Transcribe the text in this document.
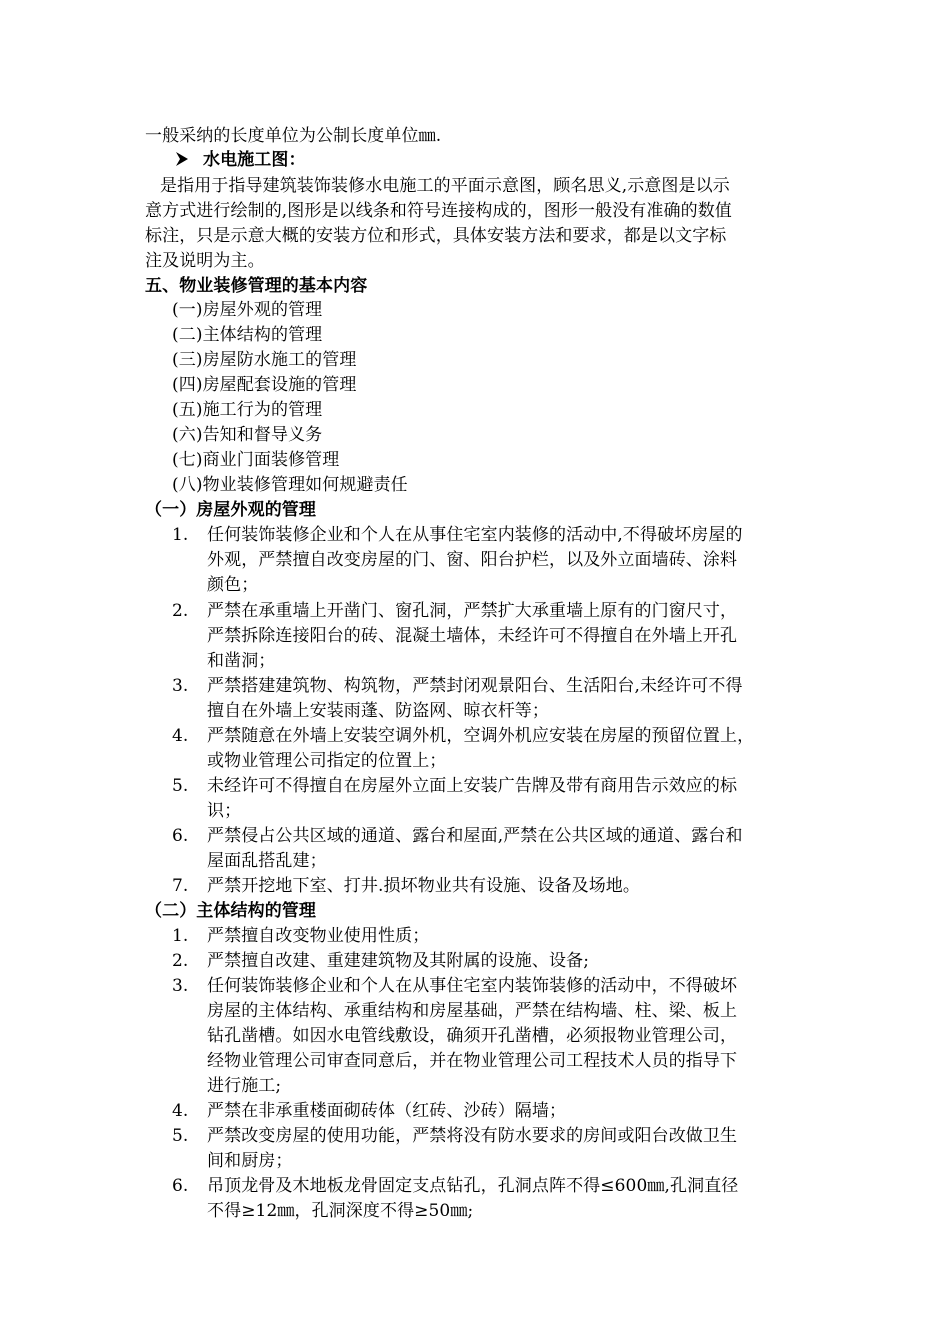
一般采纳的长度单位为公制长度单位㎜.
水电施工图：
是指用于指导建筑装饰装修水电施工的平面示意图，顾名思义,示意图是以示
意方式进行绘制的,图形是以线条和符号连接构成的，图形一般没有准确的数值
标注，只是示意大概的安装方位和形式，具体安装方法和要求，都是以文字标
注及说明为主。
五、物业装修管理的基本内容
(一)房屋外观的管理
(二)主体结构的管理
(三)房屋防水施工的管理
(四)房屋配套设施的管理
(五)施工行为的管理
(六)告知和督导义务
(七)商业门面装修管理
(八)物业装修管理如何规避责任
（一）房屋外观的管理
1. 任何装饰装修企业和个人在从事住宅室内装修的活动中,不得破坏房屋的
外观，严禁擅自改变房屋的门、窗、阳台护栏，以及外立面墙砖、涂料
颜色；
2. 严禁在承重墙上开凿门、窗孔洞，严禁扩大承重墙上原有的门窗尺寸，
严禁拆除连接阳台的砖、混凝土墙体，未经许可不得擅自在外墙上开孔
和凿洞；
3. 严禁搭建建筑物、构筑物，严禁封闭观景阳台、生活阳台,未经许可不得
擅自在外墙上安装雨蓬、防盗网、晾衣杆等；
4. 严禁随意在外墙上安装空调外机，空调外机应安装在房屋的预留位置上，
或物业管理公司指定的位置上；
5. 未经许可不得擅自在房屋外立面上安装广告牌及带有商用告示效应的标
识；
6. 严禁侵占公共区域的通道、露台和屋面,严禁在公共区域的通道、露台和
屋面乱搭乱建；
7. 严禁开挖地下室、打井.损坏物业共有设施、设备及场地。
（二）主体结构的管理
1. 严禁擅自改变物业使用性质；
2. 严禁擅自改建、重建建筑物及其附属的设施、设备;
3. 任何装饰装修企业和个人在从事住宅室内装饰装修的活动中，不得破坏
房屋的主体结构、承重结构和房屋基础，严禁在结构墙、柱、梁、板上
钻孔凿槽。如因水电管线敷设，确须开孔凿槽，必须报物业管理公司，
经物业管理公司审查同意后，并在物业管理公司工程技术人员的指导下
进行施工;
4. 严禁在非承重楼面砌砖体（红砖、沙砖）隔墙；
5. 严禁改变房屋的使用功能，严禁将没有防水要求的房间或阳台改做卫生
间和厨房；
6. 吊顶龙骨及木地板龙骨固定支点钻孔，孔洞点阵不得≤600㎜,孔洞直径
不得≥12㎜，孔洞深度不得≥50㎜;
